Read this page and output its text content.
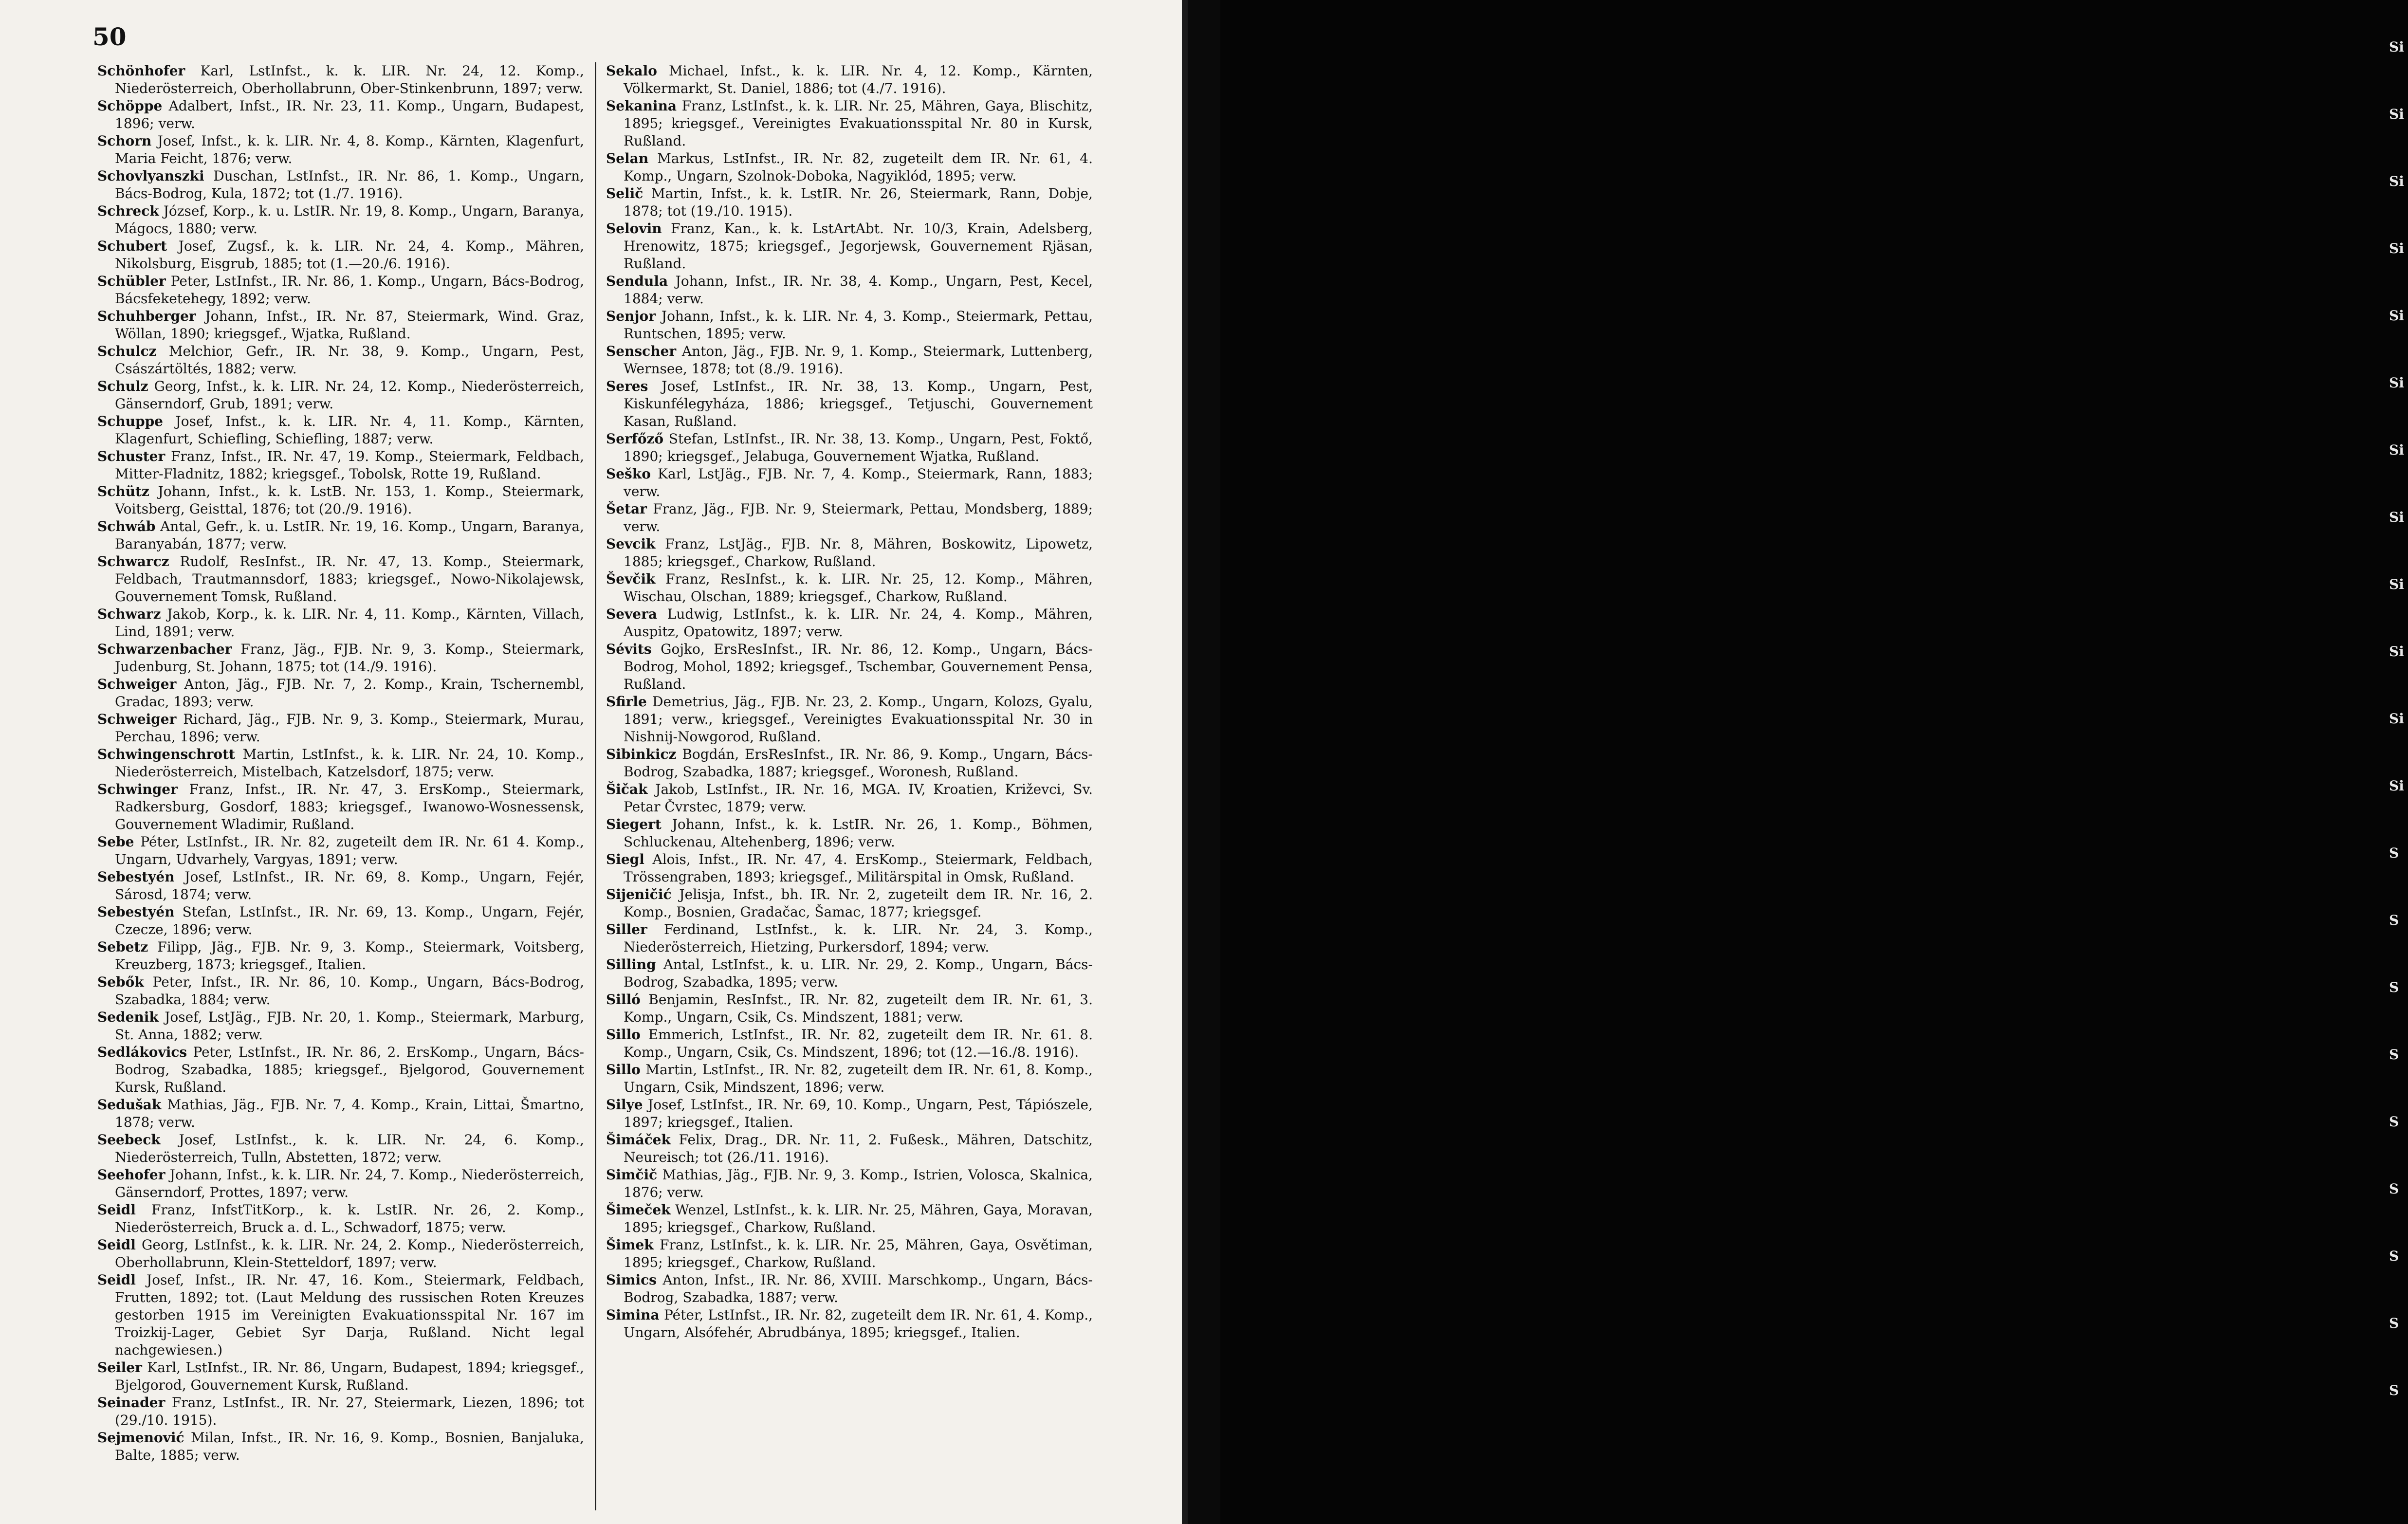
50

Schönhofer Karl, LstInfst., k. k. LIR. Nr. 24, 12. Komp., Niederösterreich, Oberhollabrunn, Ober-Stinkenbrunn, 1897; verw.

Schöppe Adalbert, Infst., IR. Nr. 23, 11. Komp., Ungarn, Budapest, 1896; verw.

Schorn Josef, Infst., k. k. LIR. Nr. 4, 8. Komp., Kärnten, Klagenfurt, Maria Feicht, 1876; verw.

Schovlyanszki Duschan, LstInfst., IR. Nr. 86, 1. Komp., Ungarn, Bács-Bodrog, Kula, 1872; tot (1./7. 1916).

Schreck József, Korp., k. u. LstIR. Nr. 19, 8. Komp., Ungarn, Baranya, Mágocs, 1880; verw.

Schubert Josef, Zugsf., k. k. LIR. Nr. 24, 4. Komp., Mähren, Nikolsburg, Eisgrub, 1885; tot (1.—20./6. 1916).

Schübler Peter, LstInfst., IR. Nr. 86, 1. Komp., Ungarn, Bács-Bodrog, Bácsfeketehegy, 1892; verw.

Schuhberger Johann, Infst., IR. Nr. 87, Steiermark, Wind. Graz, Wöllan, 1890; kriegsgef., Wjatka, Rußland.

Schulcz Melchior, Gefr., IR. Nr. 38, 9. Komp., Ungarn, Pest, Császártöltés, 1882; verw.

Schulz Georg, Infst., k. k. LIR. Nr. 24, 12. Komp., Niederösterreich, Gänserndorf, Grub, 1891; verw.

Schuppe Josef, Infst., k. k. LIR. Nr. 4, 11. Komp., Kärnten, Klagenfurt, Schiefling, Schiefling, 1887; verw.

Schuster Franz, Infst., IR. Nr. 47, 19. Komp., Steiermark, Feldbach, Mitter-Fladnitz, 1882; kriegsgef., Tobolsk, Rotte 19, Rußland.

Schütz Johann, Infst., k. k. LstB. Nr. 153, 1. Komp., Steiermark, Voitsberg, Geisttal, 1876; tot (20./9. 1916).

Schwáb Antal, Gefr., k. u. LstIR. Nr. 19, 16. Komp., Ungarn, Baranya, Baranyabán, 1877; verw.

Schwarcz Rudolf, ResInfst., IR. Nr. 47, 13. Komp., Steiermark, Feldbach, Trautmannsdorf, 1883; kriegsgef., Nowo-Nikolajewsk, Gouvernement Tomsk, Rußland.

Schwarz Jakob, Korp., k. k. LIR. Nr. 4, 11. Komp., Kärnten, Villach, Lind, 1891; verw.

Schwarzenbacher Franz, Jäg., FJB. Nr. 9, 3. Komp., Steiermark, Judenburg, St. Johann, 1875; tot (14./9. 1916).

Schweiger Anton, Jäg., FJB. Nr. 7, 2. Komp., Krain, Tschernembl, Gradac, 1893; verw.

Schweiger Richard, Jäg., FJB. Nr. 9, 3. Komp., Steiermark, Murau, Perchau, 1896; verw.

Schwingenschrott Martin, LstInfst., k. k. LIR. Nr. 24, 10. Komp., Niederösterreich, Mistelbach, Katzelsdorf, 1875; verw.

Schwinger Franz, Infst., IR. Nr. 47, 3. ErsKomp., Steiermark, Radkersburg, Gosdorf, 1883; kriegsgef., Iwanowo-Wosnessensk, Gouvernement Wladimir, Rußland.

Sebe Péter, LstInfst., IR. Nr. 82, zugeteilt dem IR. Nr. 61 4. Komp., Ungarn, Udvarhely, Vargyas, 1891; verw.

Sebestyén Josef, LstInfst., IR. Nr. 69, 8. Komp., Ungarn, Fejér, Sárosd, 1874; verw.

Sebestyén Stefan, LstInfst., IR. Nr. 69, 13. Komp., Ungarn, Fejér, Czecze, 1896; verw.

Sebetz Filipp, Jäg., FJB. Nr. 9, 3. Komp., Steiermark, Voitsberg, Kreuzberg, 1873; kriegsgef., Italien.

Sebők Peter, Infst., IR. Nr. 86, 10. Komp., Ungarn, Bács-Bodrog, Szabadka, 1884; verw.

Sedenik Josef, LstJäg., FJB. Nr. 20, 1. Komp., Steiermark, Marburg, St. Anna, 1882; verw.

Sedlákovics Peter, LstInfst., IR. Nr. 86, 2. ErsKomp., Ungarn, Bács-Bodrog, Szabadka, 1885; kriegsgef., Bjelgorod, Gouvernement Kursk, Rußland.

Sedušak Mathias, Jäg., FJB. Nr. 7, 4. Komp., Krain, Littai, Šmartno, 1878; verw.

Seebeck Josef, LstInfst., k. k. LIR. Nr. 24, 6. Komp., Niederösterreich, Tulln, Abstetten, 1872; verw.

Seehofer Johann, Infst., k. k. LIR. Nr. 24, 7. Komp., Niederösterreich, Gänserndorf, Prottes, 1897; verw.

Seidl Franz, InfstTitKorp., k. k. LstIR. Nr. 26, 2. Komp., Niederösterreich, Bruck a. d. L., Schwadorf, 1875; verw.

Seidl Georg, LstInfst., k. k. LIR. Nr. 24, 2. Komp., Niederösterreich, Oberhollabrunn, Klein-Stetteldorf, 1897; verw.

Seidl Josef, Infst., IR. Nr. 47, 16. Kom., Steiermark, Feldbach, Frutten, 1892; tot. (Laut Meldung des russischen Roten Kreuzes gestorben 1915 im Vereinigten Evakuationsspital Nr. 167 im Troizkij-Lager, Gebiet Syr Darja, Rußland. Nicht legal nachgewiesen.)

Seiler Karl, LstInfst., IR. Nr. 86, Ungarn, Budapest, 1894; kriegsgef., Bjelgorod, Gouvernement Kursk, Rußland.

Seinader Franz, LstInfst., IR. Nr. 27, Steiermark, Liezen, 1896; tot (29./10. 1915).

Sejmenović Milan, Infst., IR. Nr. 16, 9. Komp., Bosnien, Banjaluka, Balte, 1885; verw.

Sekalo Michael, Infst., k. k. LIR. Nr. 4, 12. Komp., Kärnten, Völkermarkt, St. Daniel, 1886; tot (4./7. 1916).

Sekanina Franz, LstInfst., k. k. LIR. Nr. 25, Mähren, Gaya, Blischitz, 1895; kriegsgef., Vereinigtes Evakuationsspital Nr. 80 in Kursk, Rußland.

Selan Markus, LstInfst., IR. Nr. 82, zugeteilt dem IR. Nr. 61, 4. Komp., Ungarn, Szolnok-Doboka, Nagyiklód, 1895; verw.

Selič Martin, Infst., k. k. LstIR. Nr. 26, Steiermark, Rann, Dobje, 1878; tot (19./10. 1915).

Selovin Franz, Kan., k. k. LstArtAbt. Nr. 10/3, Krain, Adelsberg, Hrenowitz, 1875; kriegsgef., Jegorjewsk, Gouvernement Rjäsan, Rußland.

Sendula Johann, Infst., IR. Nr. 38, 4. Komp., Ungarn, Pest, Kecel, 1884; verw.

Senjor Johann, Infst., k. k. LIR. Nr. 4, 3. Komp., Steiermark, Pettau, Runtschen, 1895; verw.

Senscher Anton, Jäg., FJB. Nr. 9, 1. Komp., Steiermark, Luttenberg, Wernsee, 1878; tot (8./9. 1916).

Seres Josef, LstInfst., IR. Nr. 38, 13. Komp., Ungarn, Pest, Kiskunfélegyháza, 1886; kriegsgef., Tetjuschi, Gouvernement Kasan, Rußland.

Serfőző Stefan, LstInfst., IR. Nr. 38, 13. Komp., Ungarn, Pest, Foktő, 1890; kriegsgef., Jelabuga, Gouvernement Wjatka, Rußland.

Seško Karl, LstJäg., FJB. Nr. 7, 4. Komp., Steiermark, Rann, 1883; verw.

Šetar Franz, Jäg., FJB. Nr. 9, Steiermark, Pettau, Mondsberg, 1889; verw.

Sevcik Franz, LstJäg., FJB. Nr. 8, Mähren, Boskowitz, Lipowetz, 1885; kriegsgef., Charkow, Rußland.

Ševčik Franz, ResInfst., k. k. LIR. Nr. 25, 12. Komp., Mähren, Wischau, Olschan, 1889; kriegsgef., Charkow, Rußland.

Severa Ludwig, LstInfst., k. k. LIR. Nr. 24, 4. Komp., Mähren, Auspitz, Opatowitz, 1897; verw.

Sévits Gojko, ErsResInfst., IR. Nr. 86, 12. Komp., Ungarn, Bács-Bodrog, Mohol, 1892; kriegsgef., Tschembar, Gouvernement Pensa, Rußland.

Sfirle Demetrius, Jäg., FJB. Nr. 23, 2. Komp., Ungarn, Kolozs, Gyalu, 1891; verw., kriegsgef., Vereinigtes Evakuationsspital Nr. 30 in Nishnij-Nowgorod, Rußland.

Sibinkicz Bogdán, ErsResInfst., IR. Nr. 86, 9. Komp., Ungarn, Bács-Bodrog, Szabadka, 1887; kriegsgef., Woronesh, Rußland.

Šičak Jakob, LstInfst., IR. Nr. 16, MGA. IV, Kroatien, Križevci, Sv. Petar Čvrstec, 1879; verw.

Siegert Johann, Infst., k. k. LstIR. Nr. 26, 1. Komp., Böhmen, Schluckenau, Altehenberg, 1896; verw.

Siegl Alois, Infst., IR. Nr. 47, 4. ErsKomp., Steiermark, Feldbach, Trössengraben, 1893; kriegsgef., Militärspital in Omsk, Rußland.

Sijeničić Jelisja, Infst., bh. IR. Nr. 2, zugeteilt dem IR. Nr. 16, 2. Komp., Bosnien, Gradačac, Šamac, 1877; kriegsgef.

Siller Ferdinand, LstInfst., k. k. LIR. Nr. 24, 3. Komp., Niederösterreich, Hietzing, Purkersdorf, 1894; verw.

Silling Antal, LstInfst., k. u. LIR. Nr. 29, 2. Komp., Ungarn, Bács-Bodrog, Szabadka, 1895; verw.

Silló Benjamin, ResInfst., IR. Nr. 82, zugeteilt dem IR. Nr. 61, 3. Komp., Ungarn, Csik, Cs. Mindszent, 1881; verw.

Sillo Emmerich, LstInfst., IR. Nr. 82, zugeteilt dem IR. Nr. 61. 8. Komp., Ungarn, Csik, Cs. Mindszent, 1896; tot (12.—16./8. 1916).

Sillo Martin, LstInfst., IR. Nr. 82, zugeteilt dem IR. Nr. 61, 8. Komp., Ungarn, Csik, Mindszent, 1896; verw.

Silye Josef, LstInfst., IR. Nr. 69, 10. Komp., Ungarn, Pest, Tápiószele, 1897; kriegsgef., Italien.

Šimáček Felix, Drag., DR. Nr. 11, 2. Fußesk., Mähren, Datschitz, Neureisch; tot (26./11. 1916).

Simčič Mathias, Jäg., FJB. Nr. 9, 3. Komp., Istrien, Volosca, Skalnica, 1876; verw.

Šimeček Wenzel, LstInfst., k. k. LIR. Nr. 25, Mähren, Gaya, Moravan, 1895; kriegsgef., Charkow, Rußland.

Šimek Franz, LstInfst., k. k. LIR. Nr. 25, Mähren, Gaya, Osvětiman, 1895; kriegsgef., Charkow, Rußland.

Simics Anton, Infst., IR. Nr. 86, XVIII. Marschkomp., Ungarn, Bács-Bodrog, Szabadka, 1887; verw.

Simina Péter, LstInfst., IR. Nr. 82, zugeteilt dem IR. Nr. 61, 4. Komp., Ungarn, Alsófehér, Abrudbánya, 1895; kriegsgef., Italien.

Si
Si
Si
Si
Si
Si
Si
Si
Si
Si
Si
Si
S
S
S
S
S
S
S
S
S
